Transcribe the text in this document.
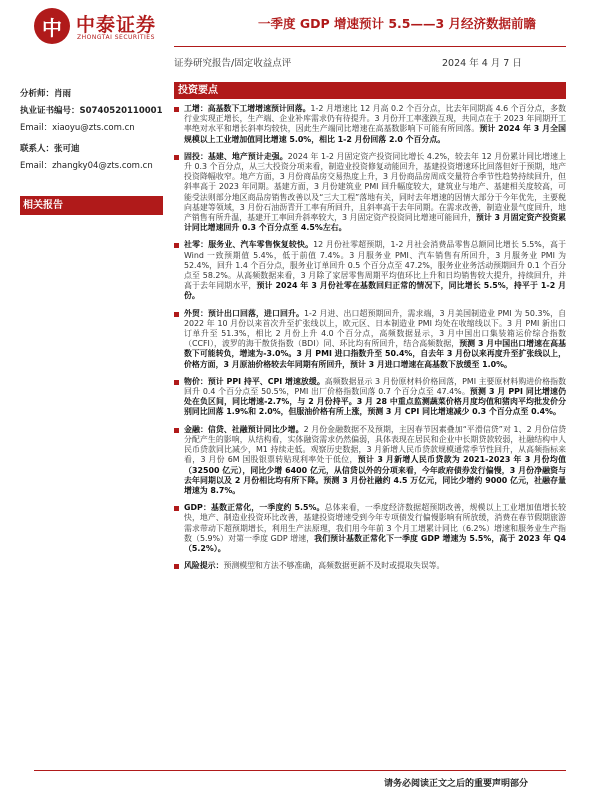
中 中泰证券
ZHONGTAI SECURITIES
一季度 GDP 增速预计 5.5——3 月经济数据前瞻
证券研究报告/固定收益点评	2024 年 4 月 7 日
分析师：肖雨
执业证书编号：S0740520110001
Email：xiaoyu@zts.com.cn
联系人：张可迪
Email：zhangky04@zts.com.cn
相关报告
投资要点
工增：高基数下工增增速预计回落。1-2 月增速比 12 月高 0.2 个百分点，比去年同期高 4.6 个百分点，多数行业实现正增长，生产端、企业补库需求仍有待提升。3 月份开工率涨跌互现，共同点在于 2023 年同期开工率绝对水平和增长斜率均较快，因此生产端同比增速在高基数影响下可能有所回落。预计 2024 年 3 月全国规模以上工业增加值同比增速 5.0%，相比 1-2 月份回落 2.0 个百分点。
固投：基建、地产预计走强。2024 年 1-2 月固定资产投资同比增长 4.2%，较去年 12 月份累计同比增速上升 0.3 个百分点，从三大投资分项来看，制造业投资修复动能回升，基建投资增速环比回落但好于预期，地产投资降幅收窄。地产方面，3 月份商品房交易热度上升，3 月份商品房周成交量符合季节性趋势持续回升，但斜率高于 2023 年同期。基建方面，3 月份建筑业 PMI 回升幅度较大，建筑业与地产、基建相关度较高，可能受法则部分地区商品房销售改善以及“三大工程”落地有关，同时去年增速的因情大部分于今年优先，主要税向基建等领域，3 月份石油沥青开工率有所回升，且斜率高于去年同期。在需求改善，制造业景气度回升，地产销售有所升温，基建开工率回升斜率较大，3 月固定资产投资同比增速可能回升，预计 3 月固定资产投资累计同比增速回升 0.3 个百分点至 4.5%左右。
社零：服务业、汽车零售恢复较快。12 月份社零超预期，1-2 月社会消费品零售总额同比增长 5.5%，高于 Wind 一致预期值 5.4%，低于前值 7.4%。3 月服务业 PMI、汽车销售有所回升，3 月服务业 PMI 为 52.4%，回升 1.4 个百分点，服务业订单回升 0.5 个百分点至 47.2%，服务业业务活动预期回升 0.1 个百分点至 58.2%。从高频数据来看，3 月除了家居零售周期平均值环比上升和日均销售较大提升，持续回升，并高于去年同期水平，预计 2024 年 3 月份社零在基数回归正常的情况下，同比增长 5.5%，持平于 1-2 月份。
外贸：预计出口回落，进口回升。1-2 月进、出口超预期回升，需求端，3 月美国制造业 PMI 为 50.3%，自 2022 年 10 月份以来首次升至扩张线以上，欧元区、日本制造业 PMI 均处在收缩线以下。3 月 PMI 新出口订单升至 51.3%，相比 2 月份上升 4.0 个百分点，高频数据显示，3 月中国出口集装箱运价综合指数（CCFI），波罗的海干散货指数（BDI）同、环比均有所回升，结合高频数据，预测 3 月中国出口增速在高基数下可能转负，增速为-3.0%。3 月 PMI 进口指数升至 50.4%，自去年 3 月份以来再度升至扩张线以上，价格方面，3 月原油价格较去年同期有所回升，预计 3 月进口增速在高基数下放缓至 1.0%。
物价：预计 PPI 持平、CPI 增速放缓。高频数据显示 3 月份原材料价格回落，PMI 主要原材料购进价格指数回升 0.4 个百分点至 50.5%，PMI 出厂价格指数回落 0.7 个百分点至 47.4%。预测 3 月 PPI 同比增速仍处在负区间，同比增速-2.7%，与 2 月份持平。3 月 28 中重点监测蔬菜价格月度均值和猪肉平均批发价分别同比回落 1.9%和 2.0%，但服油价格有所上涨，预测 3 月 CPI 同比增速减少 0.3 个百分点至 0.4%。
金融：信贷、社融预计同比少增。2 月份金融数据不及预期，主因春节因素叠加“平滑信贷”对 1、2 月份信贷分配产生的影响，从结构看，实体融资需求仍然偏弱，具体表现在居民和企业中长期贷款较弱，社融结构中人民币贷款同比减少，M1 持续走低。观察历史数据，3 月新增人民币贷款规模通常季节性回升，从高频指标来看，3 月份 6M 国股银票转贴现利率处于低位，预计 3 月新增人民币贷款为 2021-2023 年 3 月份均值（32500 亿元），同比少增 6400 亿元，从信贷以外的分项来看，今年政府债券发行偏慢，3 月份净融资与去年同期以及 2 月份相比均有所下降。预测 3 月份社融约 4.5 万亿元，同比少增约 9000 亿元，社融存量增速为 8.7%。
GDP：基数正常化，一季度约 5.5%。总体来看，一季度经济数据超预期改善，规模以上工业增加值增长较快，地产、制造业投资环比改善，基建投资增速受到今年专项债发行偏慢影响有所放缓，消费在春节假期旅游需求带动下超预期增长，利用生产法原理，我们用今年前 3 个月工增累计同比（6.2%）增速和服务业生产指数（5.9%）对第一季度 GDP 增速，我们预计基数正常化下一季度 GDP 增速为 5.5%，高于 2023 年 Q4（5.2%）。
风险提示：预测模型和方法不够准确，高频数据更新不及时或提取失误等。
请务必阅读正文之后的重要声明部分
